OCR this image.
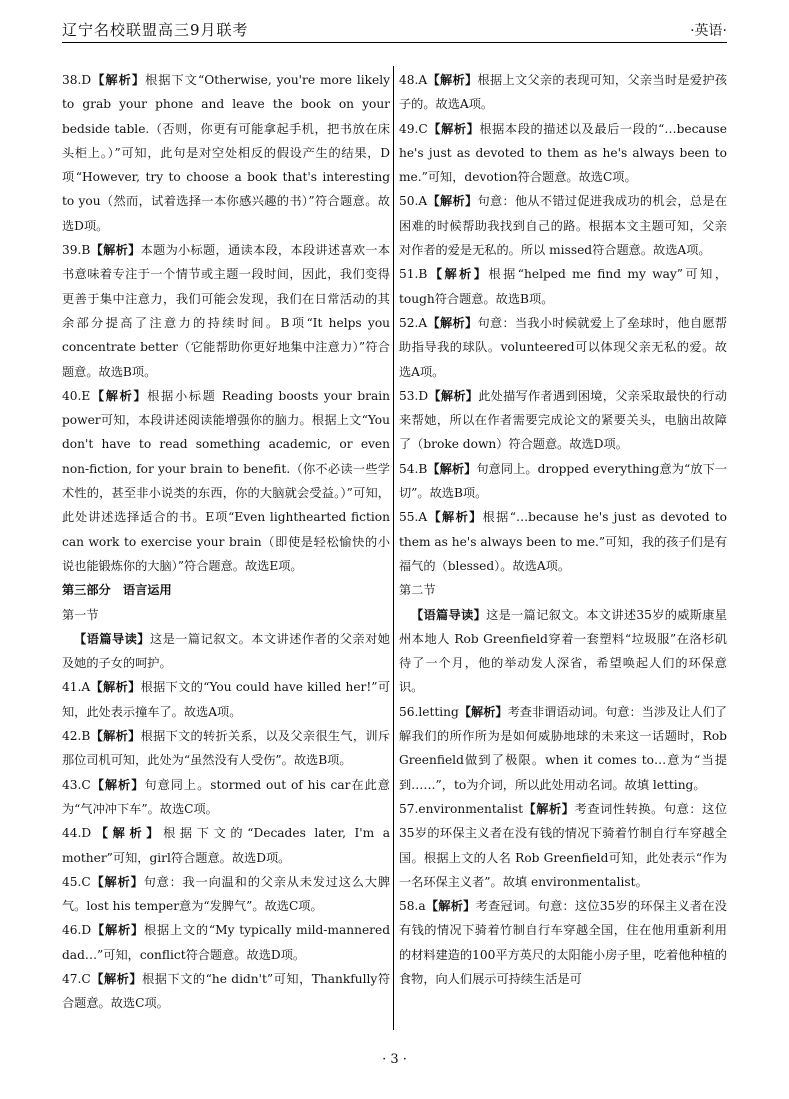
辽宁名校联盟高三9月联考	·英语·

38.D【解析】根据下文“Otherwise, you're more likely to grab your phone and leave the book on your bedside table.（否则，你更有可能拿起手机，把书放在床头柜上。）”可知，此句是对空处相反的假设产生的结果，D项“However, try to choose a book that's interesting to you（然而，试着选择一本你感兴趣的书）”符合题意。故选D项。

39.B【解析】本题为小标题，通读本段，本段讲述喜欢一本书意味着专注于一个情节或主题一段时间，因此，我们变得更善于集中注意力，我们可能会发现，我们在日常活动的其余部分提高了注意力的持续时间。B项“It helps you concentrate better（它能帮助你更好地集中注意力）”符合题意。故选B项。

40.E【解析】根据小标题 Reading boosts your brain power可知，本段讲述阅读能增强你的脑力。根据上文“You don't have to read something academic, or even non-fiction, for your brain to benefit.（你不必读一些学术性的，甚至非小说类的东西，你的大脑就会受益。）”可知，此处讲述选择适合的书。E项“Even lighthearted fiction can work to exercise your brain（即使是轻松愉快的小说也能锻炼你的大脑）”符合题意。故选E项。

第三部分　语言运用
第一节

【语篇导读】这是一篇记叙文。本文讲述作者的父亲对她及她的子女的呵护。

41.A【解析】根据下文的“You could have killed her!”可知，此处表示撞车了。故选A项。

42.B【解析】根据下文的转折关系，以及父亲很生气，训斥那位司机可知，此处为“虽然没有人受伤”。故选B项。

43.C【解析】句意同上。stormed out of his car在此意为“气冲冲下车”。故选C项。

44.D【解析】根据下文的“Decades later, I'm a mother”可知，girl符合题意。故选D项。

45.C【解析】句意：我一向温和的父亲从未发过这么大脾气。lost his temper意为“发脾气”。故选C项。

46.D【解析】根据上文的“My typically mild-mannered dad…”可知，conflict符合题意。故选D项。

47.C【解析】根据下文的“he didn't”可知，Thankfully符合题意。故选C项。

48.A【解析】根据上文父亲的表现可知，父亲当时是爱护孩子的。故选A项。

49.C【解析】根据本段的描述以及最后一段的“…because he's just as devoted to them as he's always been to me.”可知，devotion符合题意。故选C项。

50.A【解析】句意：他从不错过促进我成功的机会，总是在困难的时候帮助我找到自己的路。根据本文主题可知，父亲对作者的爱是无私的。所以 missed符合题意。故选A项。

51.B【解析】根据“helped me find my way”可知，tough符合题意。故选B项。

52.A【解析】句意：当我小时候就爱上了垒球时，他自愿帮助指导我的球队。volunteered可以体现父亲无私的爱。故选A项。

53.D【解析】此处描写作者遇到困境，父亲采取最快的行动来帮她，所以在作者需要完成论文的紧要关头，电脑出故障了（broke down）符合题意。故选D项。

54.B【解析】句意同上。dropped everything意为“放下一切”。故选B项。

55.A【解析】根据“…because he's just as devoted to them as he's always been to me.”可知，我的孩子们是有福气的（blessed）。故选A项。

第二节

【语篇导读】这是一篇记叙文。本文讲述35岁的威斯康星州本地人 Rob Greenfield穿着一套塑料“垃圾服”在洛杉矶待了一个月，他的举动发人深省，希望唤起人们的环保意识。

56.letting【解析】考查非谓语动词。句意：当涉及让人们了解我们的所作所为是如何威胁地球的未来这一话题时，Rob Greenfield做到了极限。when it comes to…意为“当提到……”，to为介词，所以此处用动名词。故填 letting。

57.environmentalist【解析】考查词性转换。句意：这位35岁的环保主义者在没有钱的情况下骑着竹制自行车穿越全国。根据上文的人名 Rob Greenfield可知，此处表示“作为一名环保主义者”。故填 environmentalist。

58.a【解析】考查冠词。句意：这位35岁的环保主义者在没有钱的情况下骑着竹制自行车穿越全国，住在他用重新利用的材料建造的100平方英尺的太阳能小房子里，吃着他种植的食物，向人们展示可持续生活是可

· 3 ·
